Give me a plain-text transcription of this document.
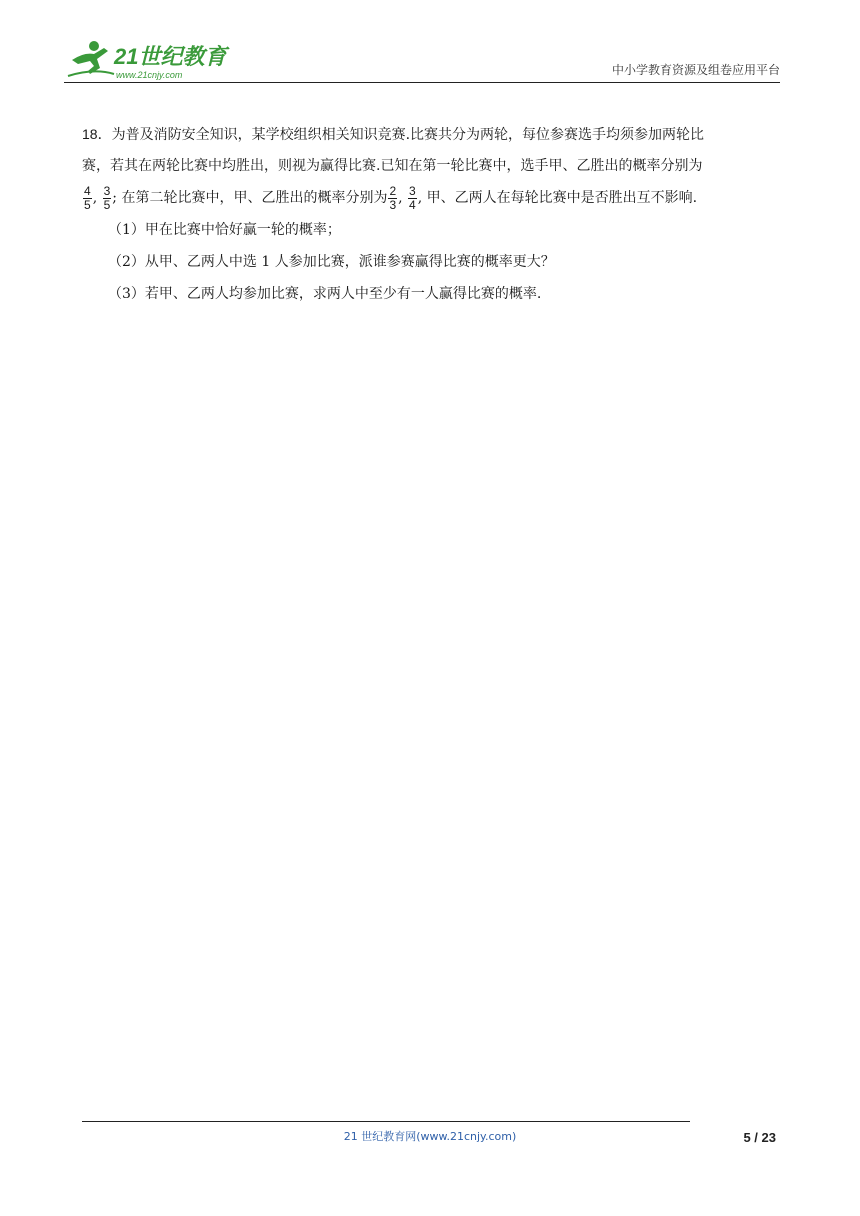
21世纪教育
www.21cnjy.com	中小学教育资源及组卷应用平台
18．为普及消防安全知识，某学校组织相关知识竞赛.比赛共分为两轮，每位参赛选手均须参加两轮比
赛，若其在两轮比赛中均胜出，则视为赢得比赛.已知在第一轮比赛中，选手甲、乙胜出的概率分别为
$\frac{4}{5}$ , $\frac{3}{5}$ ; 在第二轮比赛中，甲、乙胜出的概率分别为 $\frac{2}{3}$ , $\frac{3}{4}$ , 甲、乙两人在每轮比赛中是否胜出互不影响.
（1）甲在比赛中恰好赢一轮的概率；
（2）从甲、乙两人中选 1 人参加比赛，派谁参赛赢得比赛的概率更大？
（3）若甲、乙两人均参加比赛，求两人中至少有一人赢得比赛的概率.
21 世纪教育网(www.21cnjy.com)	5 / 23
